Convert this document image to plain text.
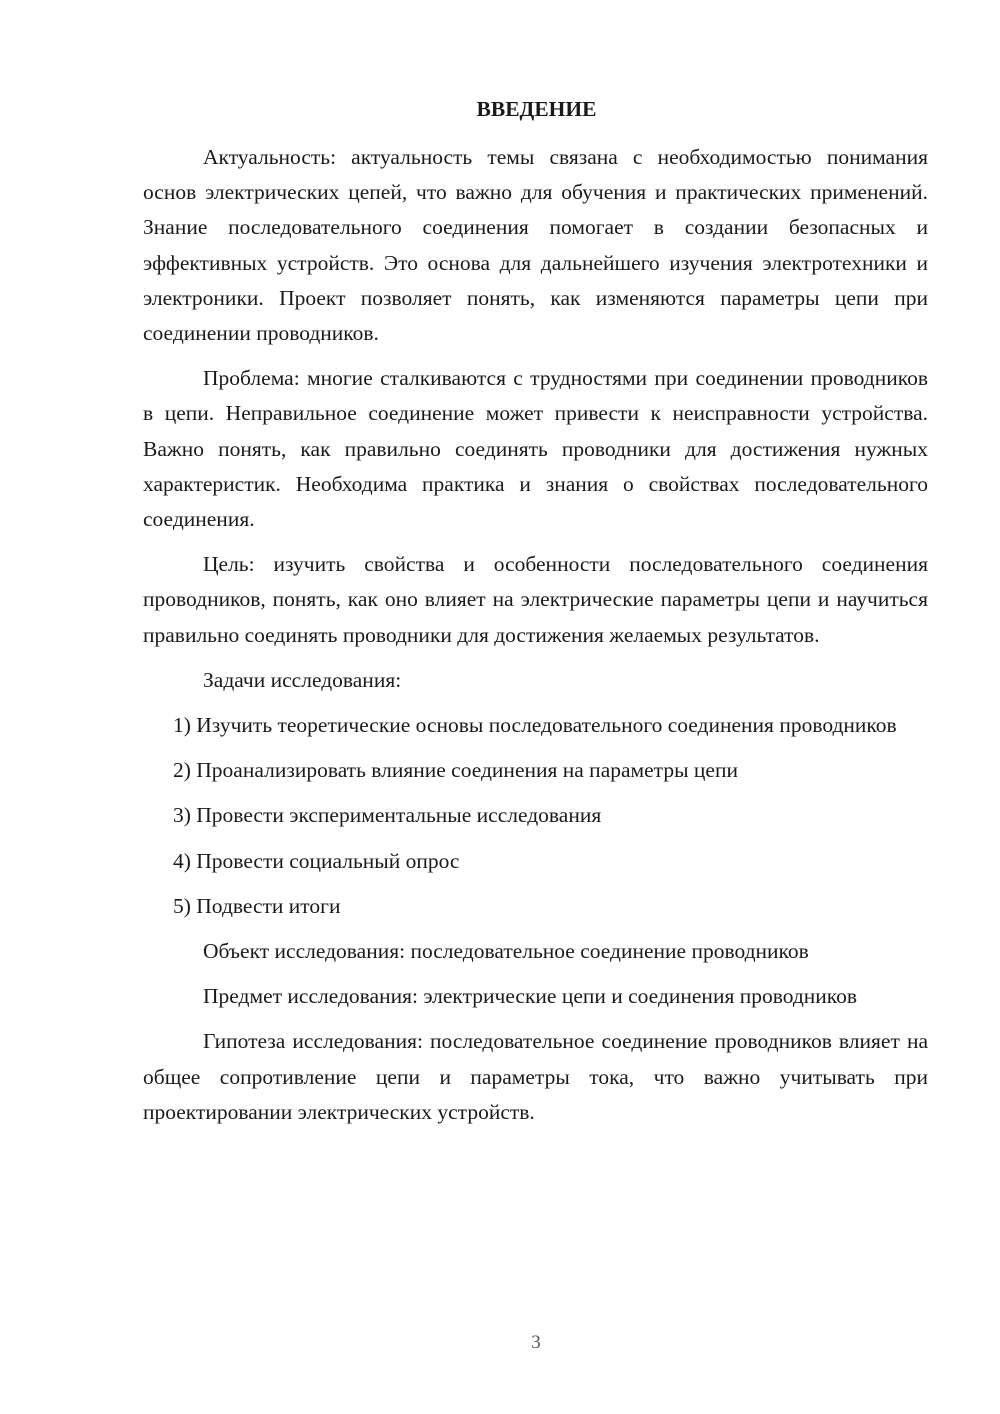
ВВЕДЕНИЕ

Актуальность: актуальность темы связана с необходимостью понимания основ электрических цепей, что важно для обучения и практических применений. Знание последовательного соединения помогает в создании безопасных и эффективных устройств. Это основа для дальнейшего изучения электротехники и электроники. Проект позволяет понять, как изменяются параметры цепи при соединении проводников.

Проблема: многие сталкиваются с трудностями при соединении проводников в цепи. Неправильное соединение может привести к неисправности устройства. Важно понять, как правильно соединять проводники для достижения нужных характеристик. Необходима практика и знания о свойствах последовательного соединения.

Цель: изучить свойства и особенности последовательного соединения проводников, понять, как оно влияет на электрические параметры цепи и научиться правильно соединять проводники для достижения желаемых результатов.

Задачи исследования:

1) Изучить теоретические основы последовательного соединения проводников

2) Проанализировать влияние соединения на параметры цепи

3) Провести экспериментальные исследования

4) Провести социальный опрос

5) Подвести итоги

Объект исследования: последовательное соединение проводников

Предмет исследования: электрические цепи и соединения проводников

Гипотеза исследования: последовательное соединение проводников влияет на общее сопротивление цепи и параметры тока, что важно учитывать при проектировании электрических устройств.

3
